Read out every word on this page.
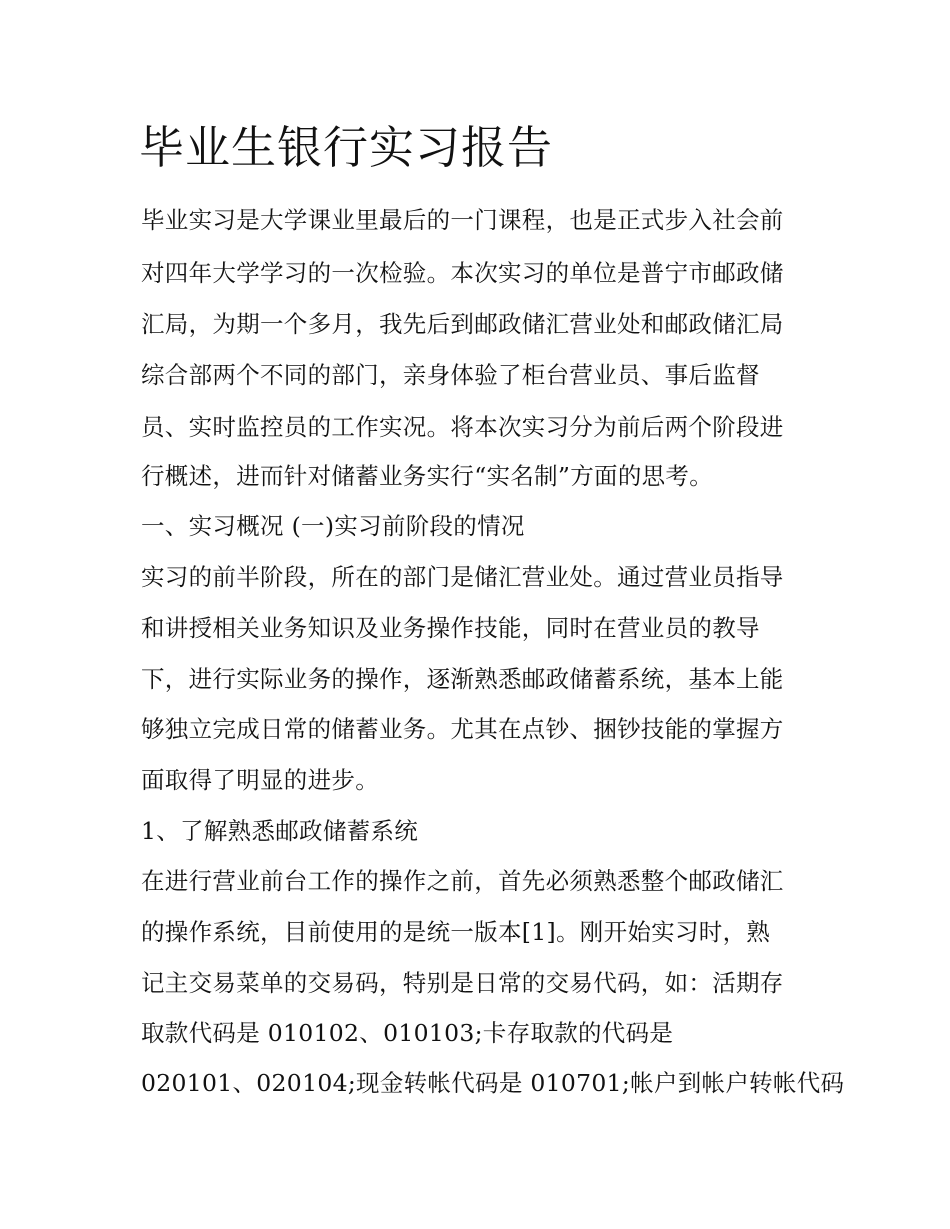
毕业生银行实习报告

毕业实习是大学课业里最后的一门课程，也是正式步入社会前

对四年大学学习的一次检验。本次实习的单位是普宁市邮政储

汇局，为期一个多月，我先后到邮政储汇营业处和邮政储汇局

综合部两个不同的部门，亲身体验了柜台营业员、事后监督

员、实时监控员的工作实况。将本次实习分为前后两个阶段进

行概述，进而针对储蓄业务实行“实名制”方面的思考。

一、实习概况 (一)实习前阶段的情况

实习的前半阶段，所在的部门是储汇营业处。通过营业员指导

和讲授相关业务知识及业务操作技能，同时在营业员的教导

下，进行实际业务的操作，逐渐熟悉邮政储蓄系统，基本上能

够独立完成日常的储蓄业务。尤其在点钞、捆钞技能的掌握方

面取得了明显的进步。

1、了解熟悉邮政储蓄系统

在进行营业前台工作的操作之前，首先必须熟悉整个邮政储汇

的操作系统，目前使用的是统一版本[1]。刚开始实习时，熟

记主交易菜单的交易码，特别是日常的交易代码，如：活期存

取款代码是 010102、010103;卡存取款的代码是

020101、020104;现金转帐代码是 010701;帐户到帐户转帐代码
